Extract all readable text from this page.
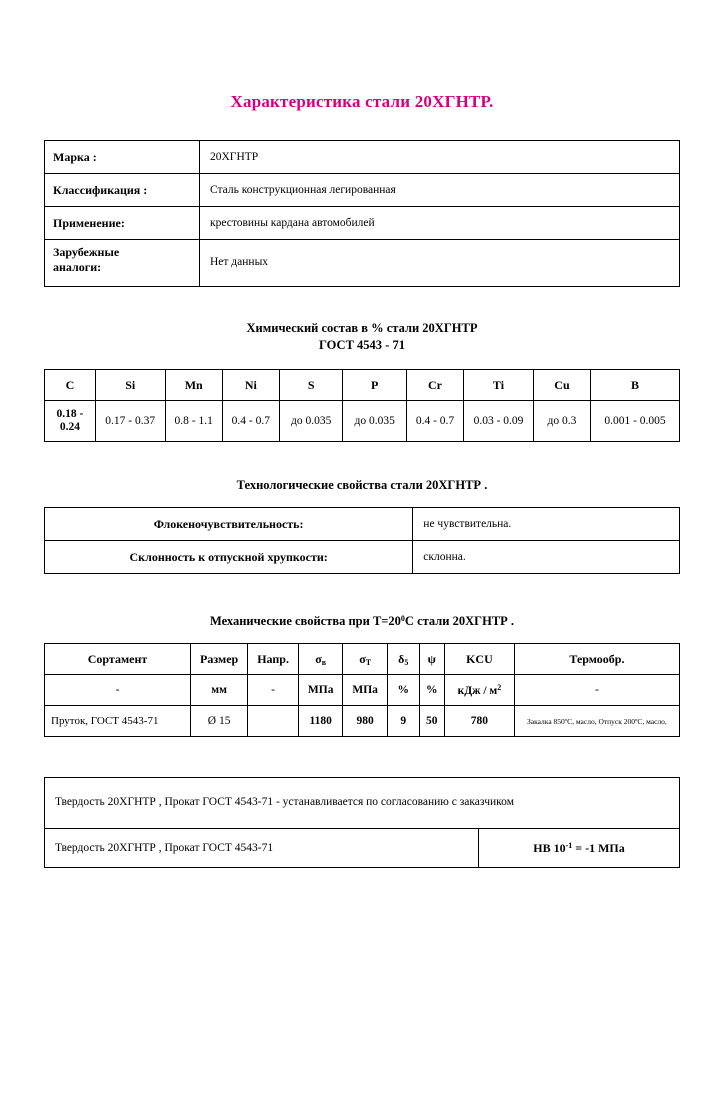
Характеристика стали 20ХГНТР.
Марка :	20ХГНТР
Классификация :	Сталь конструкционная легированная
Применение:	крестовины кардана автомобилей

Зарубежные
аналоги:	Нет данных
Химический состав в % стали 20ХГНТР
ГОСТ 4543 - 71
C	Si	Mn	Ni	S	P	Cr	Ti	Cu	B
0.18 - 0.24	0.17 - 0.37	0.8 - 1.1	0.4 - 0.7	до 0.035	до 0.035	0.4 - 0.7	0.03 - 0.09	до 0.3	0.001 - 0.005
Технологические свойства стали 20ХГНТР .
Флокеночувствительность:	не чувствительна.
Склонность к отпускной хрупкости:	склонна.
Механические свойства при $Т=20^0С$ стали 20ХГНТР .
Сортамент	Размер	Напр.	$\sigma_в$	$\sigma_Т$	$\delta_5$	ψ	KCU	Термообр.
-	мм	-	МПа	МПа	%	%	кДж / $м^2$	-
Пруток, ГОСТ 4543-71	Ø 15		1180	980	9	50	780	Закалка 850ºС, масло, Отпуск 200ºС, масло,
Твердость 20ХГНТР , Прокат ГОСТ 4543-71 - устанавливается по согласованию с заказчиком
Твердость 20ХГНТР , Прокат ГОСТ 4543-71	HB $10^{-1} = -1$ МПа
